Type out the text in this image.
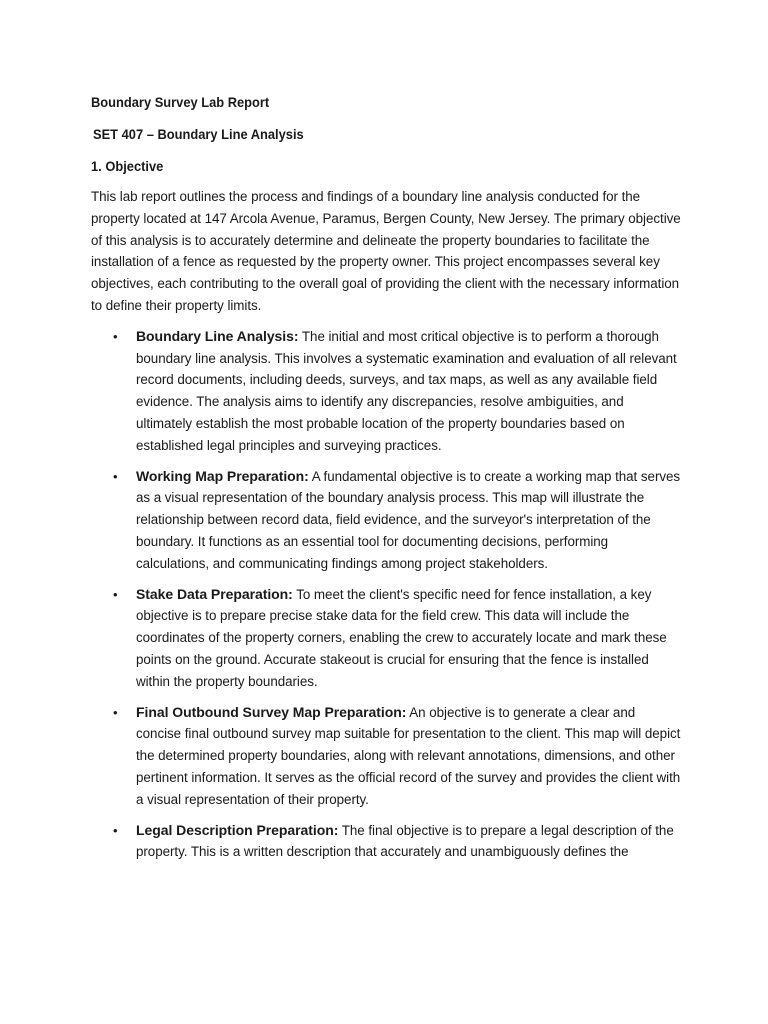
Boundary Survey Lab Report
SET 407 – Boundary Line Analysis
1. Objective

This lab report outlines the process and findings of a boundary line analysis conducted for the property located at 147 Arcola Avenue, Paramus, Bergen County, New Jersey. The primary objective of this analysis is to accurately determine and delineate the property boundaries to facilitate the installation of a fence as requested by the property owner. This project encompasses several key objectives, each contributing to the overall goal of providing the client with the necessary information to define their property limits.

• Boundary Line Analysis: The initial and most critical objective is to perform a thorough boundary line analysis. This involves a systematic examination and evaluation of all relevant record documents, including deeds, surveys, and tax maps, as well as any available field evidence. The analysis aims to identify any discrepancies, resolve ambiguities, and ultimately establish the most probable location of the property boundaries based on established legal principles and surveying practices.
• Working Map Preparation: A fundamental objective is to create a working map that serves as a visual representation of the boundary analysis process. This map will illustrate the relationship between record data, field evidence, and the surveyor's interpretation of the boundary. It functions as an essential tool for documenting decisions, performing calculations, and communicating findings among project stakeholders.
• Stake Data Preparation: To meet the client's specific need for fence installation, a key objective is to prepare precise stake data for the field crew. This data will include the coordinates of the property corners, enabling the crew to accurately locate and mark these points on the ground. Accurate stakeout is crucial for ensuring that the fence is installed within the property boundaries.
• Final Outbound Survey Map Preparation: An objective is to generate a clear and concise final outbound survey map suitable for presentation to the client. This map will depict the determined property boundaries, along with relevant annotations, dimensions, and other pertinent information. It serves as the official record of the survey and provides the client with a visual representation of their property.
• Legal Description Preparation: The final objective is to prepare a legal description of the property. This is a written description that accurately and unambiguously defines the
